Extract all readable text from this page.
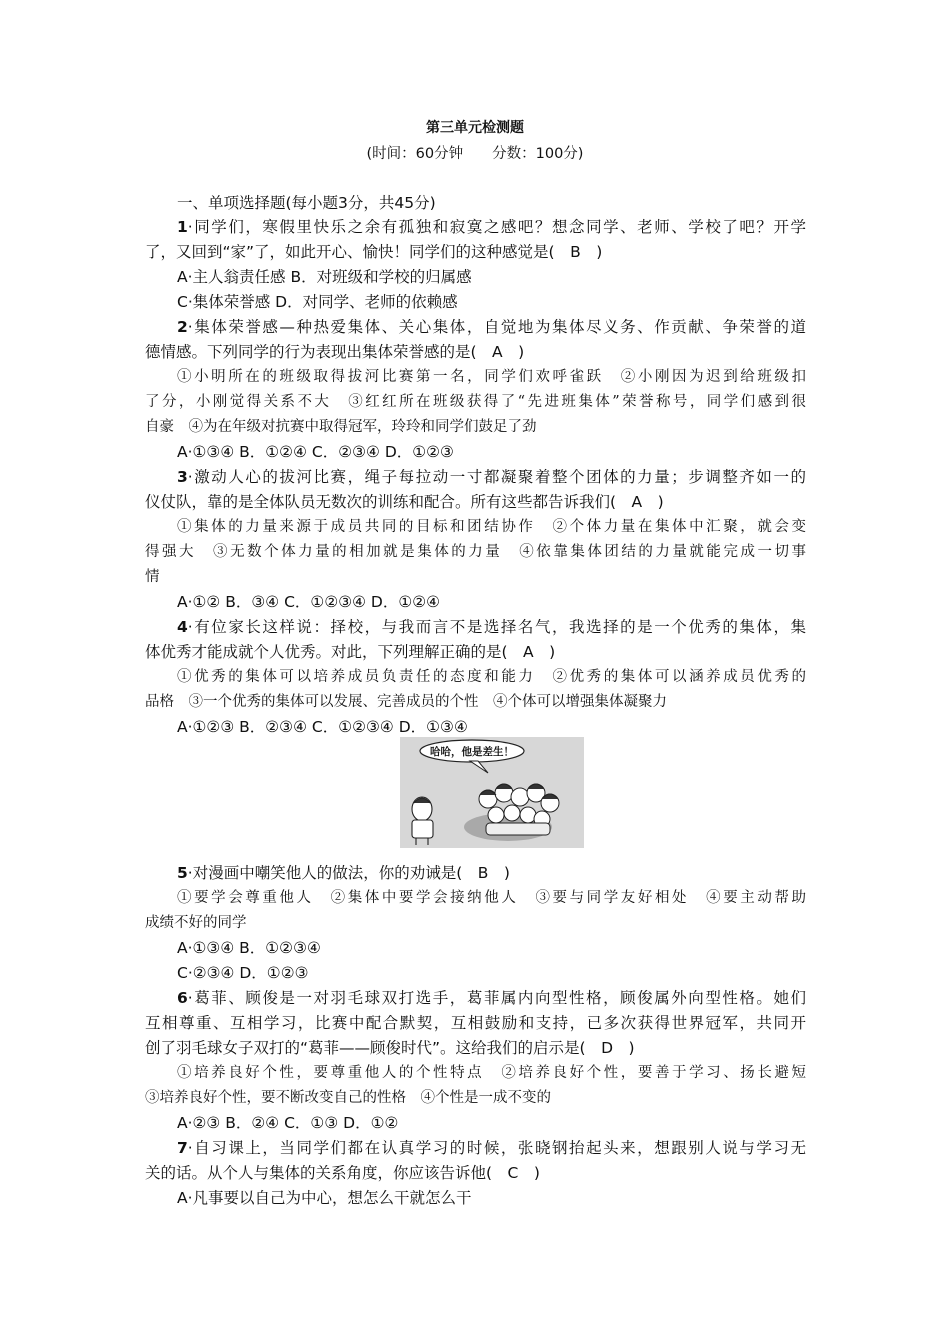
第三单元检测题
(时间：60分钟　　分数：100分)
一、单项选择题(每小题3分，共45分)
1·同学们，寒假里快乐之余有孤独和寂寞之感吧？想念同学、老师、学校了吧？开学
了，又回到“家”了，如此开心、愉快！同学们的这种感觉是(　B　)
A·主人翁责任感 B．对班级和学校的归属感
C·集体荣誉感 D．对同学、老师的依赖感
2·集体荣誉感—种热爱集体、关心集体，自觉地为集体尽义务、作贡献、争荣誉的道
德情感。下列同学的行为表现出集体荣誉感的是(　A　)
①小明所在的班级取得拔河比赛第一名，同学们欢呼雀跃　②小刚因为迟到给班级扣
了分，小刚觉得关系不大　③红红所在班级获得了“先进班集体”荣誉称号，同学们感到很
自豪　④为在年级对抗赛中取得冠军，玲玲和同学们鼓足了劲
A·①③④ B．①②④ C．②③④ D．①②③
3·激动人心的拔河比赛，绳子每拉动一寸都凝聚着整个团体的力量；步调整齐如一的
仪仗队，靠的是全体队员无数次的训练和配合。所有这些都告诉我们(　A　)
①集体的力量来源于成员共同的目标和团结协作　②个体力量在集体中汇聚，就会变
得强大　③无数个体力量的相加就是集体的力量　④依靠集体团结的力量就能完成一切事
情
A·①② B．③④ C．①②③④ D．①②④
4·有位家长这样说：择校，与我而言不是选择名气，我选择的是一个优秀的集体，集
体优秀才能成就个人优秀。对此，下列理解正确的是(　A　)
①优秀的集体可以培养成员负责任的态度和能力　②优秀的集体可以涵养成员优秀的
品格　③一个优秀的集体可以发展、完善成员的个性　④个体可以增强集体凝聚力
A·①②③ B．②③④ C．①②③④ D．①③④
哈哈，他是差生！
5·对漫画中嘲笑他人的做法，你的劝诫是(　B　)
①要学会尊重他人　②集体中要学会接纳他人　③要与同学友好相处　④要主动帮助
成绩不好的同学
A·①③④ B．①②③④
C·②③④ D．①②③
6·葛菲、顾俊是一对羽毛球双打选手，葛菲属内向型性格，顾俊属外向型性格。她们
互相尊重、互相学习，比赛中配合默契，互相鼓励和支持，已多次获得世界冠军，共同开
创了羽毛球女子双打的“葛菲——顾俊时代”。这给我们的启示是(　D　)
①培养良好个性，要尊重他人的个性特点　②培养良好个性，要善于学习、扬长避短
③培养良好个性，要不断改变自己的性格　④个性是一成不变的
A·②③ B．②④ C．①③ D．①②
7·自习课上，当同学们都在认真学习的时候，张晓钢抬起头来，想跟别人说与学习无
关的话。从个人与集体的关系角度，你应该告诉他(　C　)
A·凡事要以自己为中心，想怎么干就怎么干
